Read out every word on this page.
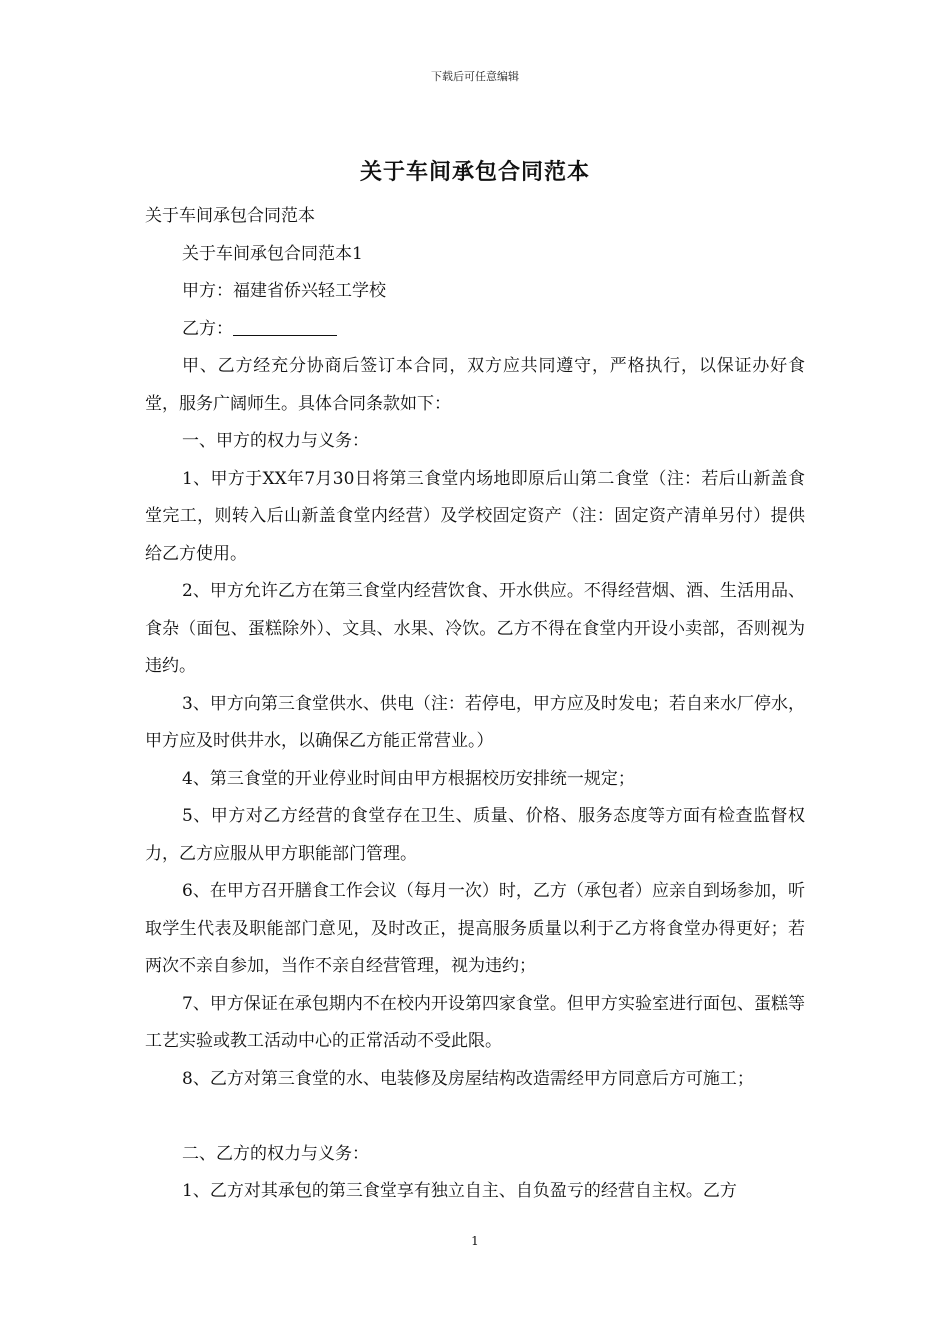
下载后可任意编辑
关于车间承包合同范本

关于车间承包合同范本

关于车间承包合同范本1

甲方：福建省侨兴轻工学校

乙方：

甲、乙方经充分协商后签订本合同，双方应共同遵守，严格执行，以保证办好食堂，服务广阔师生。具体合同条款如下：

一、甲方的权力与义务：

1、甲方于XX年7月30日将第三食堂内场地即原后山第二食堂（注：若后山新盖食堂完工，则转入后山新盖食堂内经营）及学校固定资产（注：固定资产清单另付）提供给乙方使用。

2、甲方允许乙方在第三食堂内经营饮食、开水供应。不得经营烟、酒、生活用品、食杂（面包、蛋糕除外）、文具、水果、冷饮。乙方不得在食堂内开设小卖部，否则视为违约。

3、甲方向第三食堂供水、供电（注：若停电，甲方应及时发电；若自来水厂停水，甲方应及时供井水，以确保乙方能正常营业。）

4、第三食堂的开业停业时间由甲方根据校历安排统一规定；

5、甲方对乙方经营的食堂存在卫生、质量、价格、服务态度等方面有检查监督权力，乙方应服从甲方职能部门管理。

6、在甲方召开膳食工作会议（每月一次）时，乙方（承包者）应亲自到场参加，听取学生代表及职能部门意见，及时改正，提高服务质量以利于乙方将食堂办得更好；若两次不亲自参加，当作不亲自经营管理，视为违约；

7、甲方保证在承包期内不在校内开设第四家食堂。但甲方实验室进行面包、蛋糕等工艺实验或教工活动中心的正常活动不受此限。

8、乙方对第三食堂的水、电装修及房屋结构改造需经甲方同意后方可施工；

二、乙方的权力与义务：

1、乙方对其承包的第三食堂享有独立自主、自负盈亏的经营自主权。乙方

1
